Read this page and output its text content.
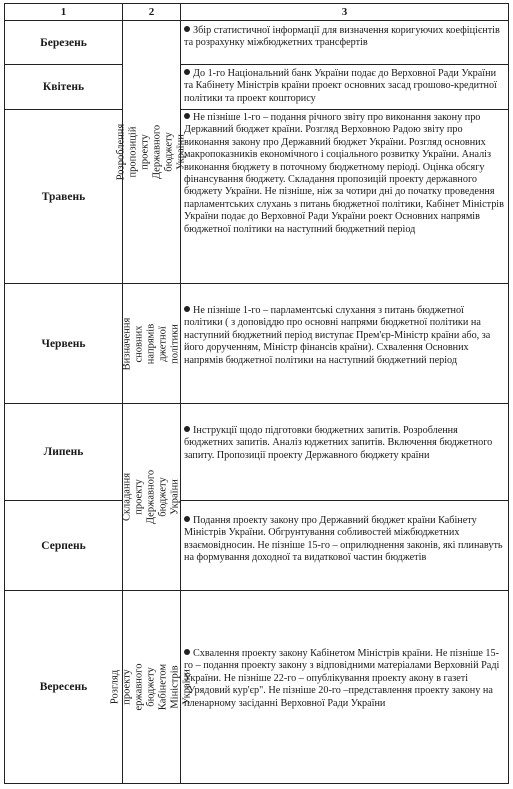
1	2	3
Березень
Квітень
Травень
Червень
Липень
Серпень
Вересень
Розроблення пропозицій проекту Державного бюджету України
Визначення сновних напрямів джетної політики
Складання проекту Державного бюджету України
Розгляд проекту ержавного бюджету Кабінетом Міністрів України
Збір статистичної інформації для визначення коригуючих коефіцієнтів та розрахунку міжбюджетних трансфертів
До 1-го Національний банк України подає до Верховної Ради України та Кабінету Міністрів країни проект основних засад грошово-кредитної політики та проект кошторису
Не пізніше 1-го – подання річного звіту про виконання закону про Державний бюджет країни. Розгляд Верховною Радою звіту про виконання закону про Державний бюджет України. Розгляд основних макропоказників економічного і соціального розвитку України. Аналіз виконання бюджету в поточному бюджетному періоді. Оцінка обсягу фінансування бюджету. Складання пропозицій проекту державного бюджету України. Не пізніше, ніж за чотири дні до початку проведення парламентських слухань з питань бюджетної політики, Кабінет Міністрів України подає до Верховної Ради України роект Основних напрямів бюджетної політики на наступний бюджетний період
Не пізніше 1-го – парламентські слухання з питань бюджетної політики ( з доповіддю про основні напрями бюджетної політики на наступний бюджетний період виступає Прем'єр-Міністр країни або, за його дорученням, Міністр фінансів країни). Схвалення Основних напрямів бюджетної політики на наступний бюджетний період
Інструкції щодо підготовки бюджетних запитів. Розроблення бюджетних запитів. Аналіз юджетних запитів. Включення бюджетного запиту. Пропозиції проекту Державного бюджету країни
Подання проекту закону про Державний бюджет країни Кабінету Міністрів України. Обгрунтування собливостей міжбюджетних взаємовідносин. Не пізніше 15-го – оприлюднення законів, які плинавуть на формування доходної та видаткової частин бюджетів
Схвалення проекту закону Кабінетом Міністрів країни. Не пізніше 15-го – подання проекту закону з відповідними матеріалами Верховній Раді України. Не пізніше 22-го – опублікування проекту акону в газеті "Урядовий кур'єр". Не пізніше 20-го –представлення проекту закону на пленарному засіданні Верховної Ради України
